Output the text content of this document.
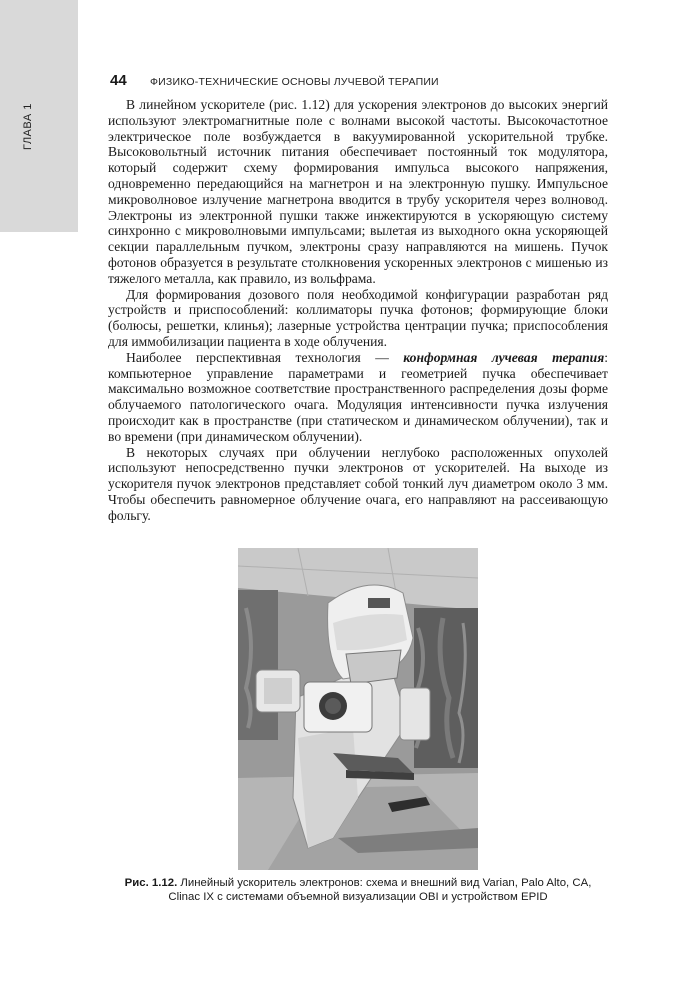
ГЛАВА 1
44	ФИЗИКО-ТЕХНИЧЕСКИЕ ОСНОВЫ ЛУЧЕВОЙ ТЕРАПИИ

В линейном ускорителе (рис. 1.12) для ускорения электронов до высоких энергий используют электромагнитные поле с волнами высокой частоты. Высокочастотное электрическое поле возбуждается в вакуумированной ускорительной трубке. Высоковольтный источник питания обеспечивает постоянный ток модулятора, который содержит схему формирования импульса высокого напряжения, одновременно передающийся на магнетрон и на электронную пушку. Импульсное микроволновое излучение магнетрона вводится в трубу ускорителя через волновод. Электроны из электронной пушки также инжектируются в ускоряющую систему синхронно с микроволновыми импульсами; вылетая из выходного окна ускоряющей секции параллельным пучком, электроны сразу направляются на мишень. Пучок фотонов образуется в результате столкновения ускоренных электронов с мишенью из тяжелого металла, как правило, из вольфрама.

Для формирования дозового поля необходимой конфигурации разработан ряд устройств и приспособлений: коллиматоры пучка фотонов; формирующие блоки (болюсы, решетки, клинья); лазерные устройства центрации пучка; приспособления для иммобилизации пациента в ходе облучения.

Наиболее перспективная технология — конформная лучевая терапия: компьютерное управление параметрами и геометрией пучка обеспечивает максимально возможное соответствие пространственного распределения дозы форме облучаемого патологического очага. Модуляция интенсивности пучка излучения происходит как в пространстве (при статическом и динамическом облучении), так и во времени (при динамическом облучении).

В некоторых случаях при облучении неглубоко расположенных опухолей используют непосредственно пучки электронов от ускорителей. На выходе из ускорителя пучок электронов представляет собой тонкий луч диаметром около 3 мм. Чтобы обеспечить равномерное облучение очага, его направляют на рассеивающую фольгу.

Рис. 1.12. Линейный ускоритель электронов: схема и внешний вид Varian, Palo Alto, CA, Clinac IX с системами объемной визуализации OBI и устройством EPID
